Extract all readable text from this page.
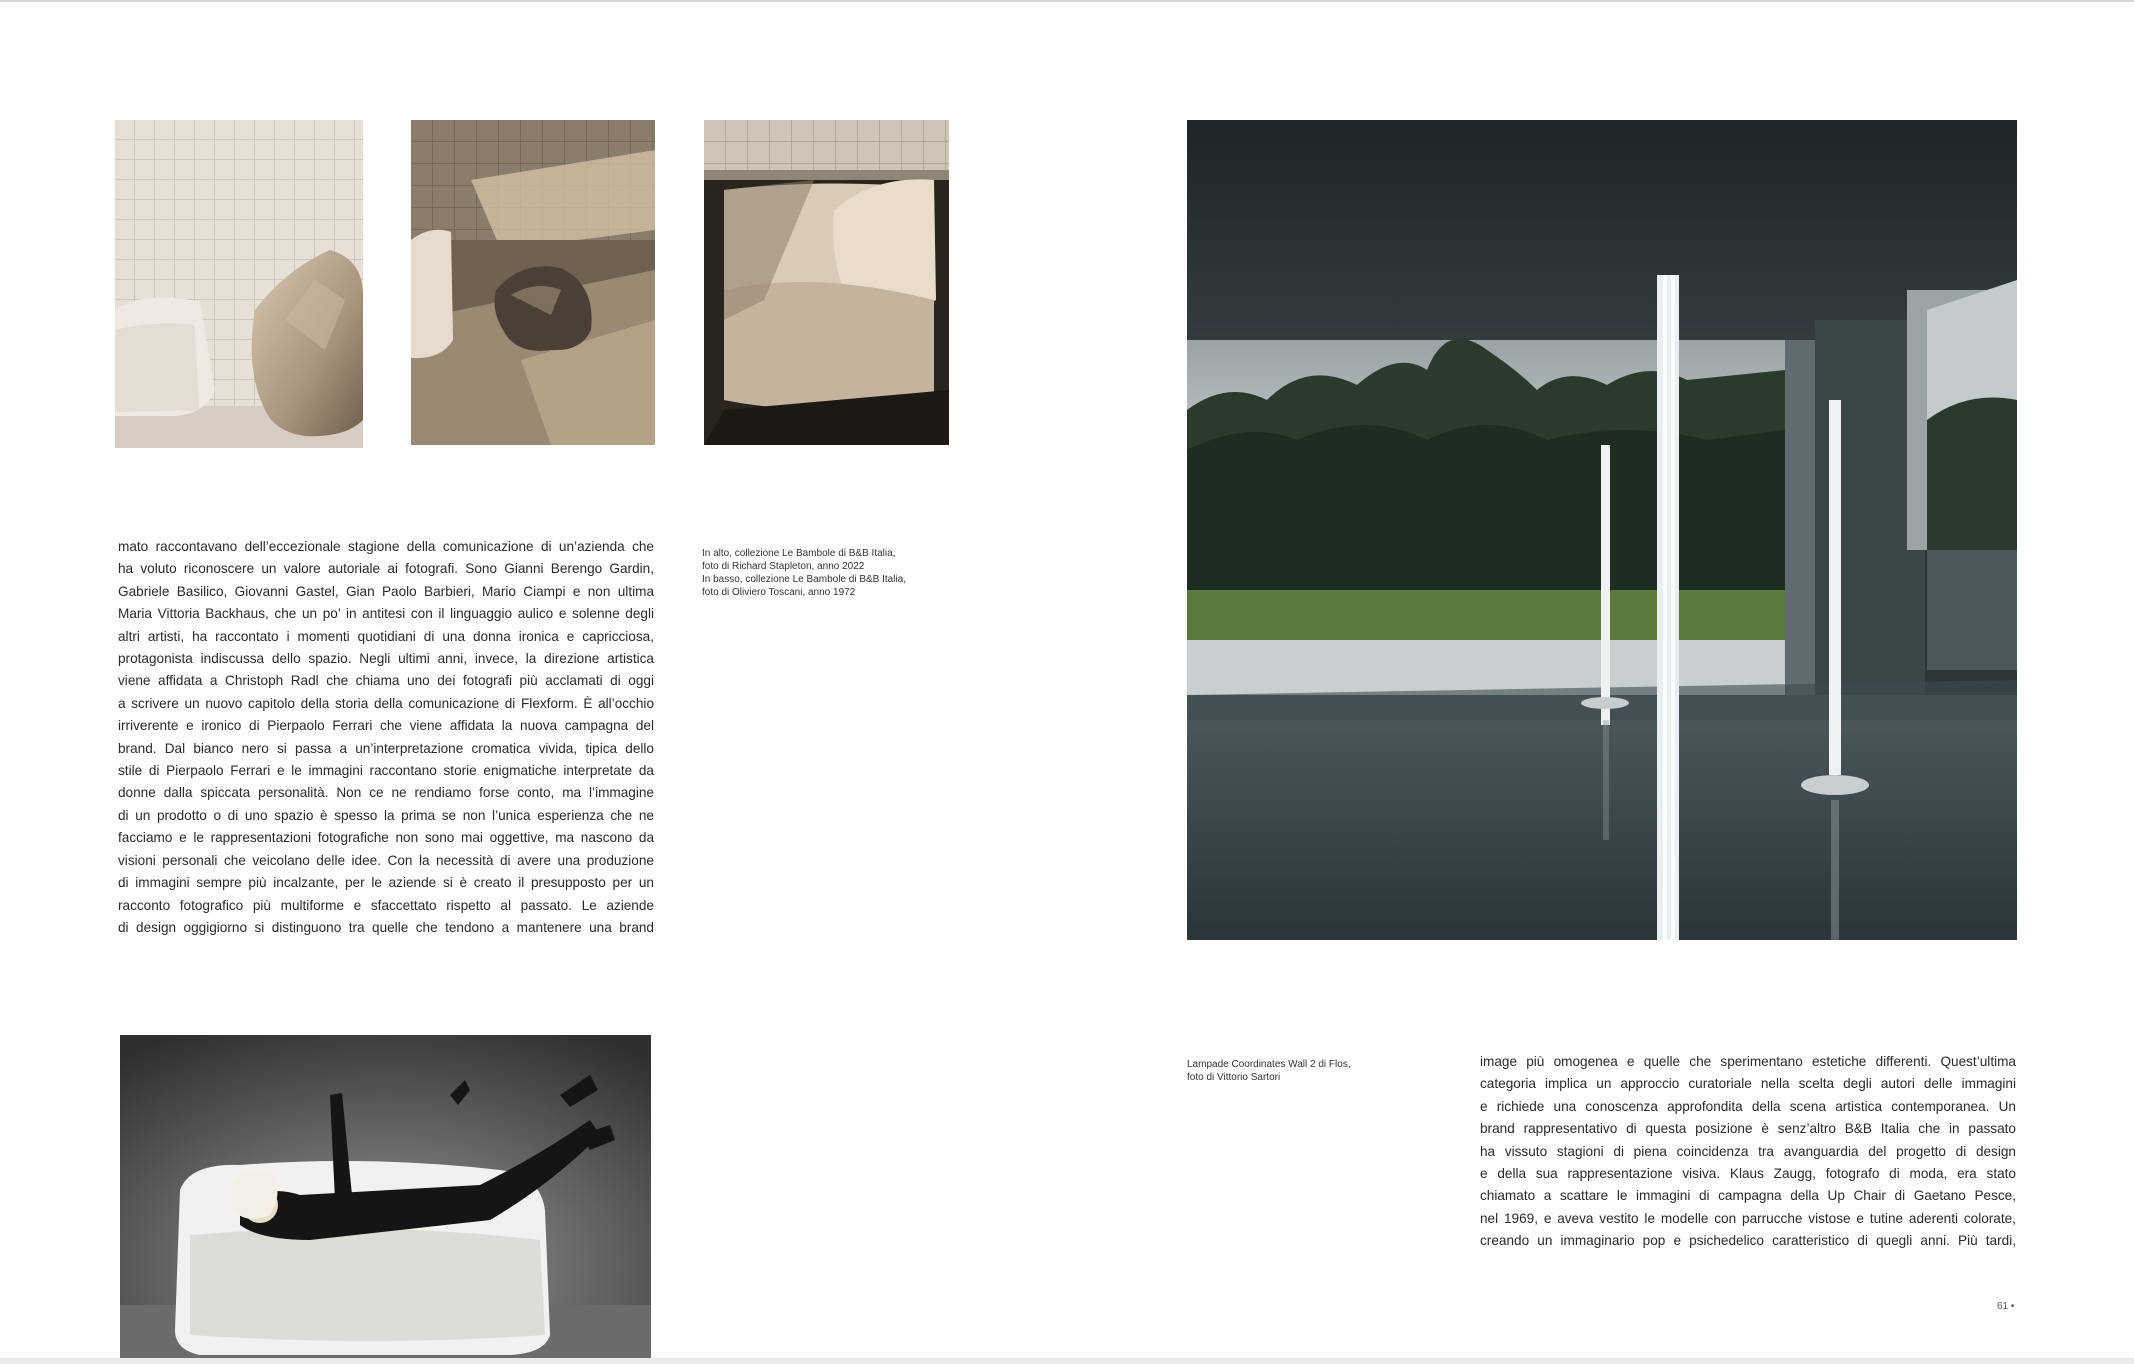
mato raccontavano dell’eccezionale stagione della comunicazione di un’azienda che
ha voluto riconoscere un valore autoriale ai fotografi. Sono Gianni Berengo Gardin,
Gabriele Basilico, Giovanni Gastel, Gian Paolo Barbieri, Mario Ciampi e non ultima
Maria Vittoria Backhaus, che un po’ in antitesi con il linguaggio aulico e solenne degli
altri artisti, ha raccontato i momenti quotidiani di una donna ironica e capricciosa,
protagonista indiscussa dello spazio. Negli ultimi anni, invece, la direzione artistica
viene affidata a Christoph Radl che chiama uno dei fotografi più acclamati di oggi
a scrivere un nuovo capitolo della storia della comunicazione di Flexform. È all’occhio
irriverente e ironico di Pierpaolo Ferrari che viene affidata la nuova campagna del
brand. Dal bianco nero si passa a un’interpretazione cromatica vivida, tipica dello
stile di Pierpaolo Ferrari e le immagini raccontano storie enigmatiche interpretate da
donne dalla spiccata personalità. Non ce ne rendiamo forse conto, ma l’immagine
di un prodotto o di uno spazio è spesso la prima se non l’unica esperienza che ne
facciamo e le rappresentazioni fotografiche non sono mai oggettive, ma nascono da
visioni personali che veicolano delle idee. Con la necessità di avere una produzione
di immagini sempre più incalzante, per le aziende si è creato il presupposto per un
racconto fotografico più multiforme e sfaccettato rispetto al passato. Le aziende
di design oggigiorno si distinguono tra quelle che tendono a mantenere una brand

In alto, collezione Le Bambole di B&B Italia,
foto di Richard Stapleton, anno 2022
In basso, collezione Le Bambole di B&B Italia,
foto di Oliviero Toscani, anno 1972

Lampade Coordinates Wall 2 di Flos,
foto di Vittorio Sartori

image più omogenea e quelle che sperimentano estetiche differenti. Quest’ultima
categoria implica un approccio curatoriale nella scelta degli autori delle immagini
e richiede una conoscenza approfondita della scena artistica contemporanea. Un
brand rappresentativo di questa posizione è senz’altro B&B Italia che in passato
ha vissuto stagioni di piena coincidenza tra avanguardia del progetto di design
e della sua rappresentazione visiva. Klaus Zaugg, fotografo di moda, era stato
chiamato a scattare le immagini di campagna della Up Chair di Gaetano Pesce,
nel 1969, e aveva vestito le modelle con parrucche vistose e tutine aderenti colorate,
creando un immaginario pop e psichedelico caratteristico di quegli anni. Più tardi,

61 •
